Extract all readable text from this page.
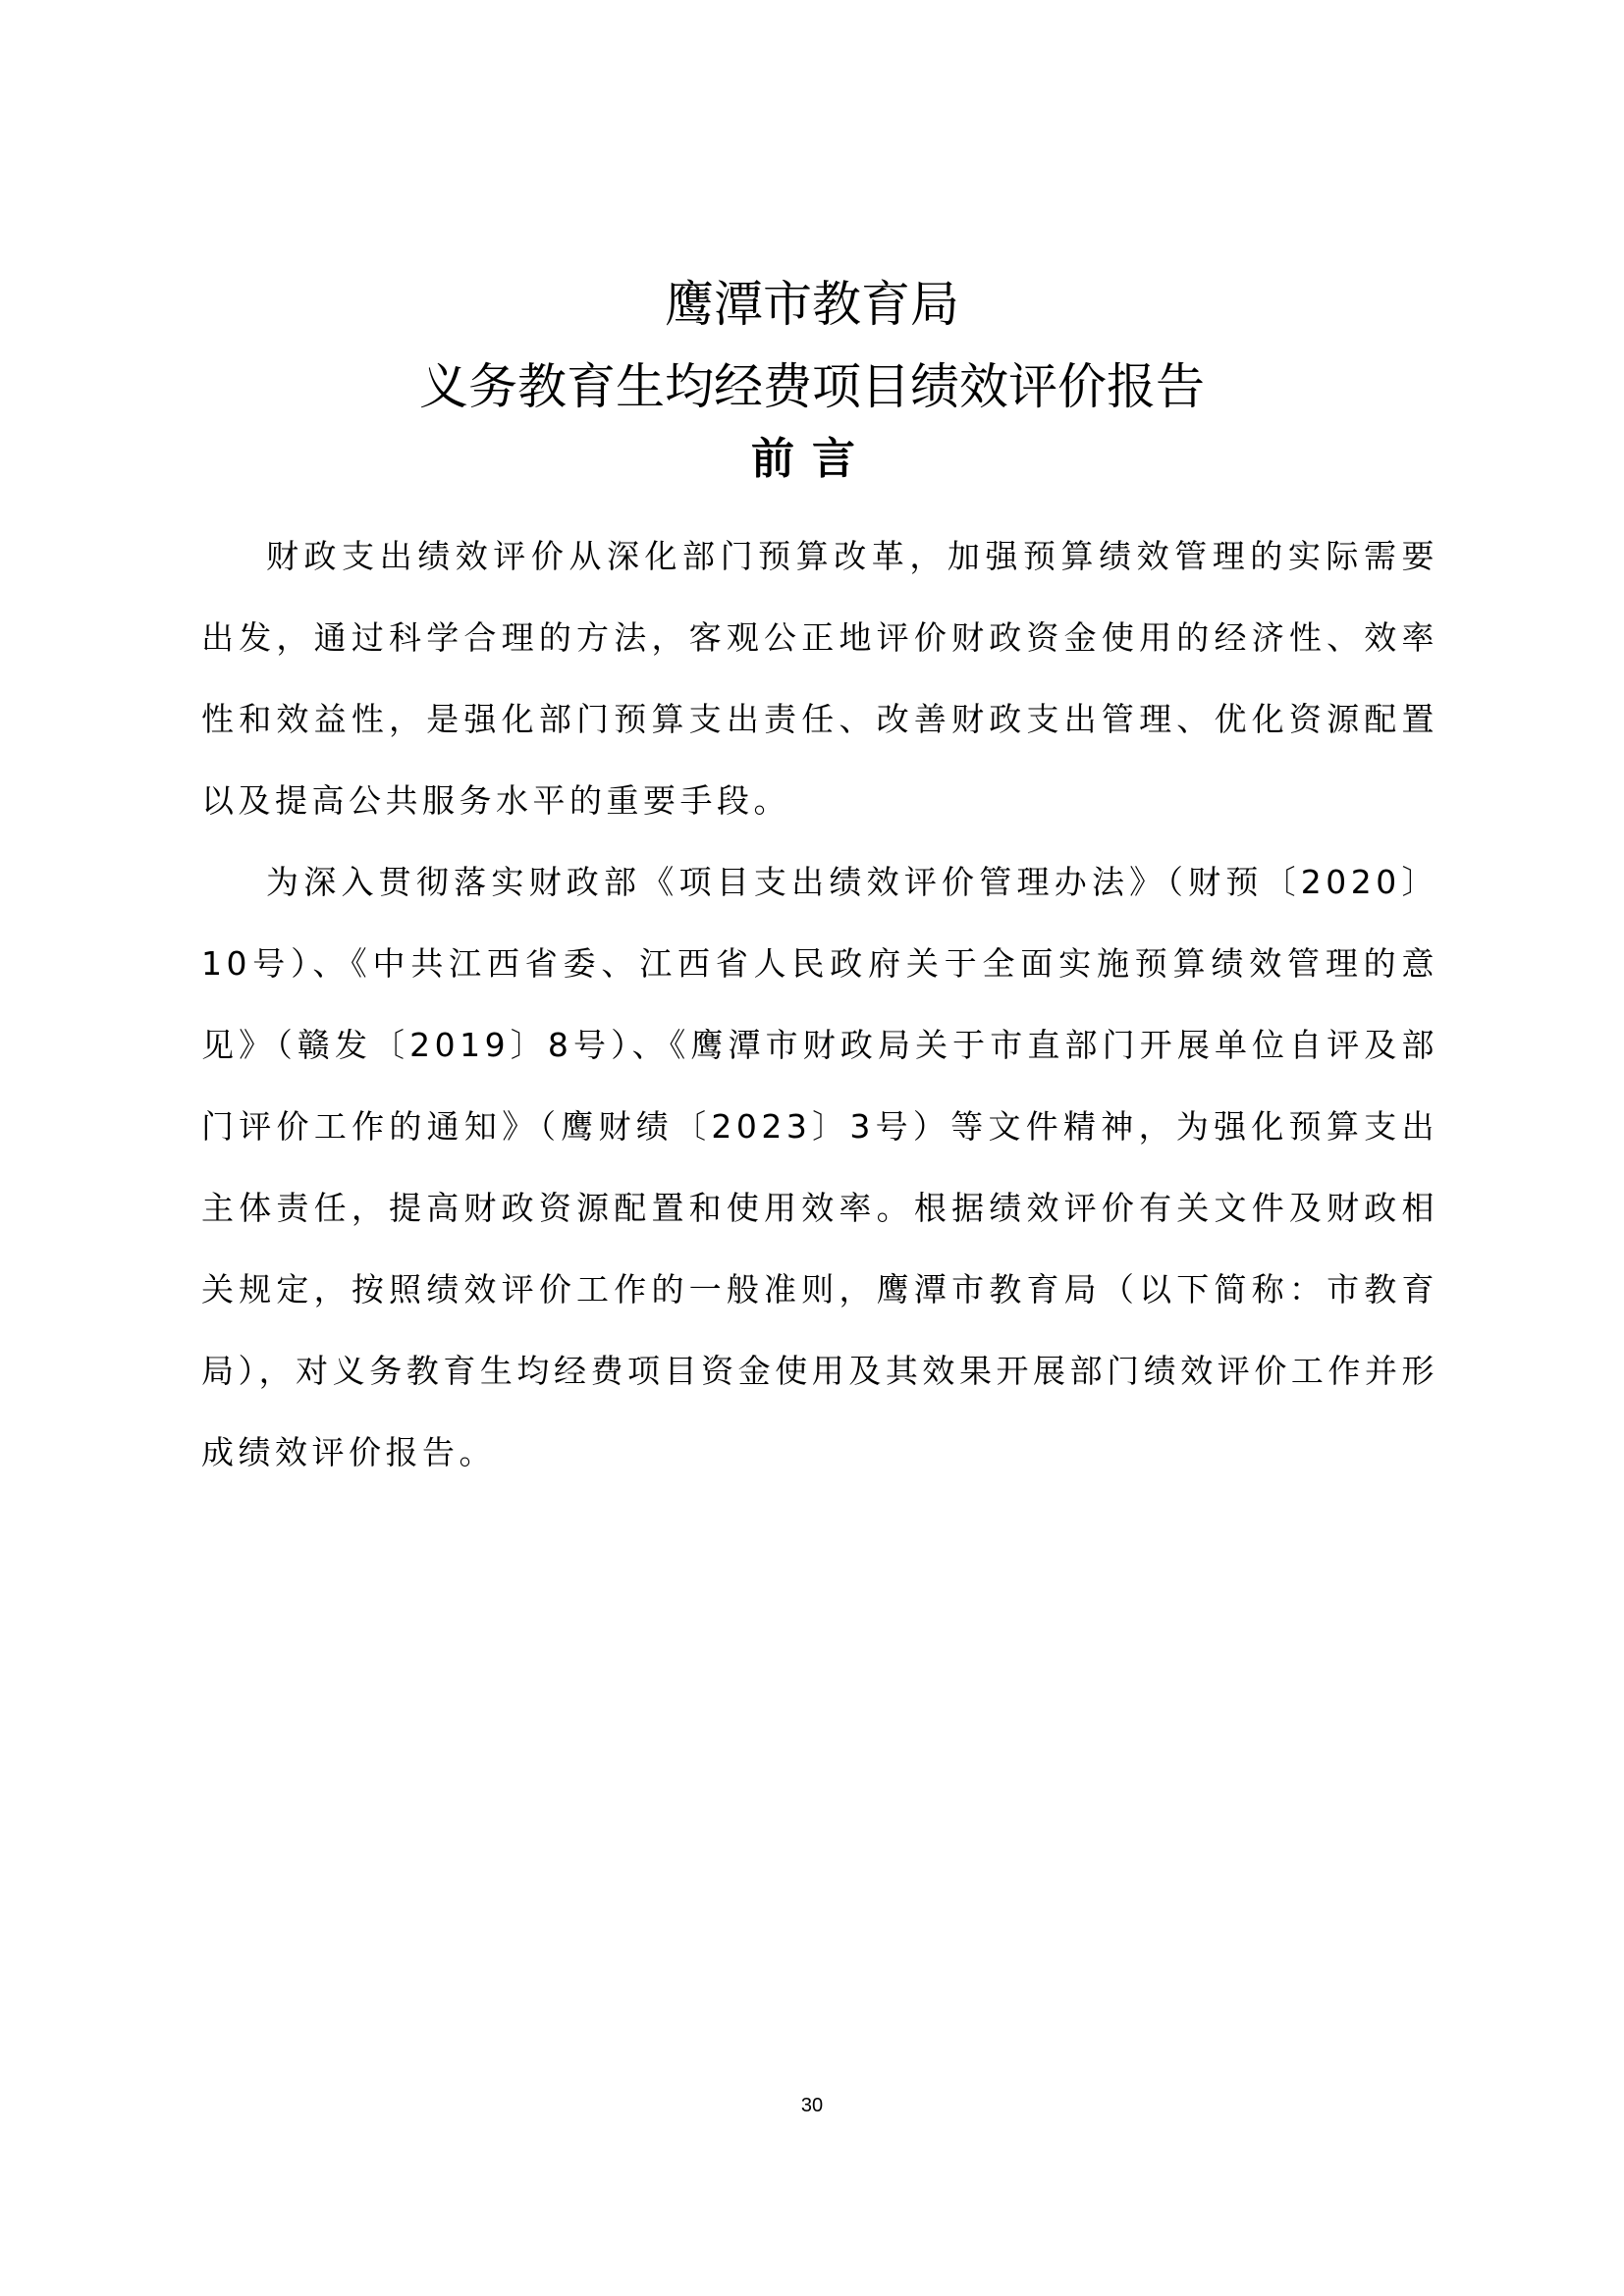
鹰潭市教育局
义务教育生均经费项目绩效评价报告
前言

财政支出绩效评价从深化部门预算改革，加强预算绩效管理的实际需要出发，通过科学合理的方法，客观公正地评价财政资金使用的经济性、效率性和效益性，是强化部门预算支出责任、改善财政支出管理、优化资源配置以及提高公共服务水平的重要手段。

为深入贯彻落实财政部《项目支出绩效评价管理办法》（财预〔2020〕10号）、《中共江西省委、江西省人民政府关于全面实施预算绩效管理的意见》（赣发〔2019〕8号）、《鹰潭市财政局关于市直部门开展单位自评及部门评价工作的通知》（鹰财绩〔2023〕3号）等文件精神，为强化预算支出主体责任，提高财政资源配置和使用效率。根据绩效评价有关文件及财政相关规定，按照绩效评价工作的一般准则，鹰潭市教育局（以下简称：市教育局），对义务教育生均经费项目资金使用及其效果开展部门绩效评价工作并形成绩效评价报告。

30
